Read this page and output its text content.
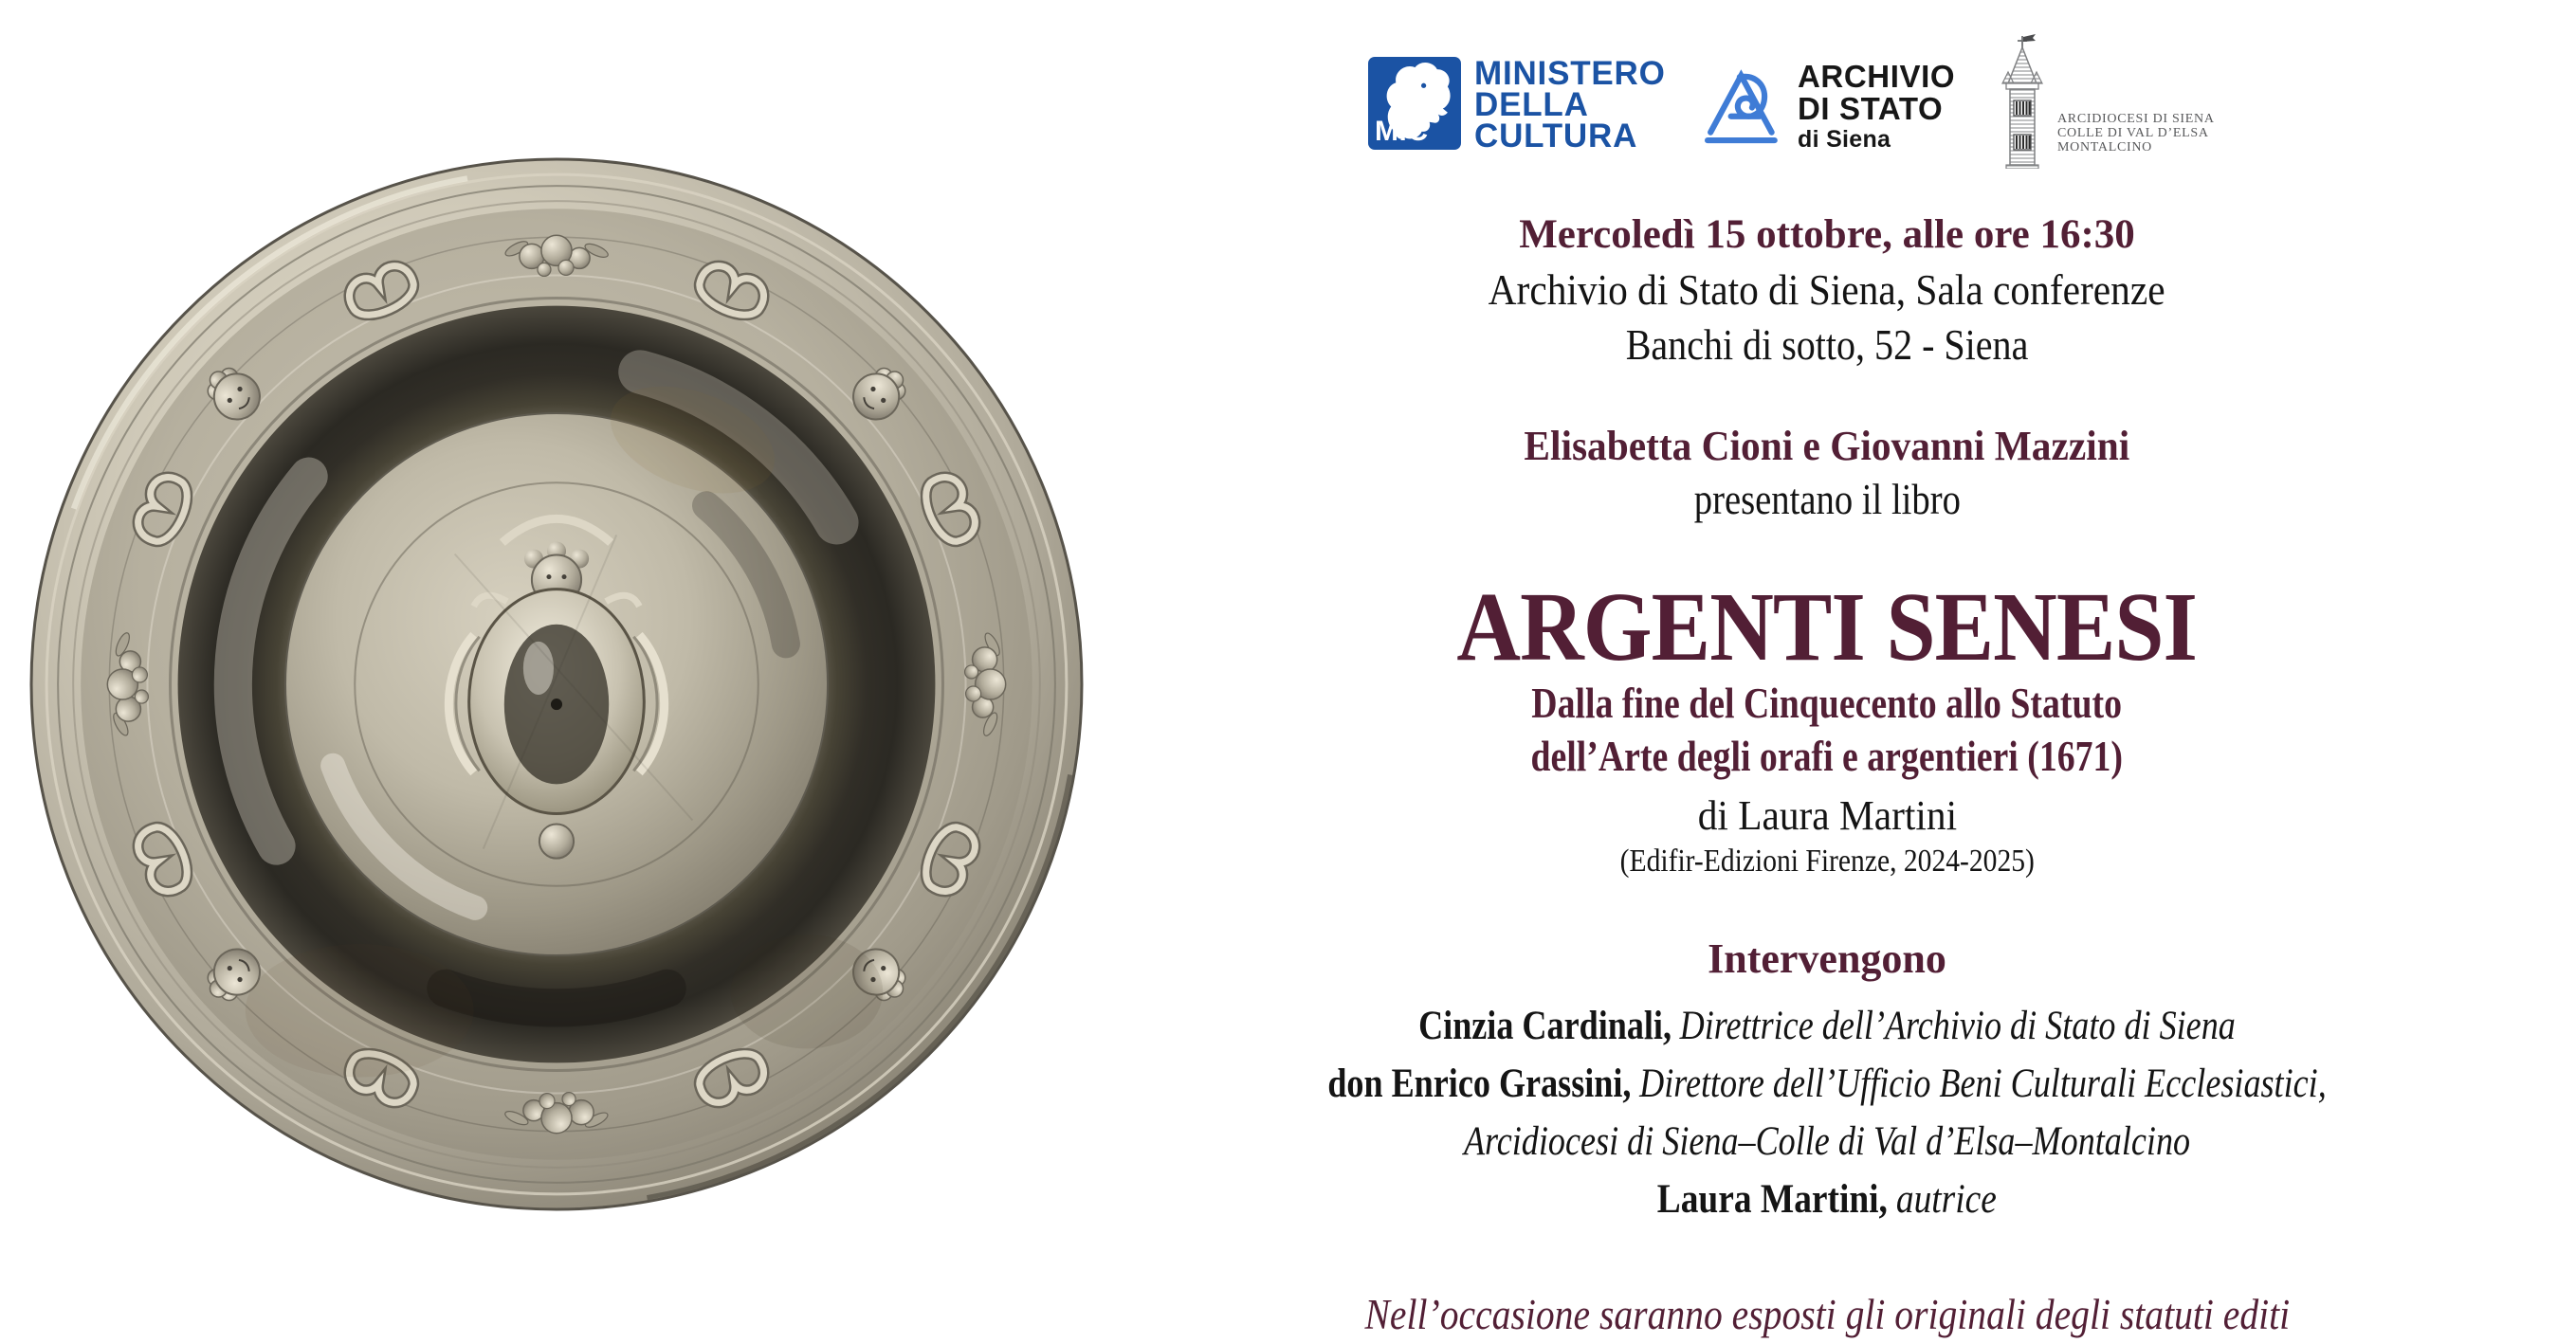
MiC
MINISTERO
DELLA
CULTURA
ARCHIVIO
DI STATO
di Siena
ARCIDIOCESI DI SIENA
COLLE DI VAL D’ELSA
MONTALCINO
Mercoledì 15 ottobre, alle ore 16:30
Archivio di Stato di Siena, Sala conferenze
Banchi di sotto, 52 - Siena
Elisabetta Cioni e Giovanni Mazzini
presentano il libro
ARGENTI SENESI
Dalla fine del Cinquecento allo Statuto
dell’Arte degli orafi e argentieri (1671)
di Laura Martini
(Edifir-Edizioni Firenze, 2024-2025)
Intervengono
Cinzia Cardinali, Direttrice dell’Archivio di Stato di Siena
don Enrico Grassini, Direttore dell’Ufficio Beni Culturali Ecclesiastici,
Arcidiocesi di Siena–Colle di Val d’Elsa–Montalcino
Laura Martini, autrice
Nell’occasione saranno esposti gli originali degli statuti editi
